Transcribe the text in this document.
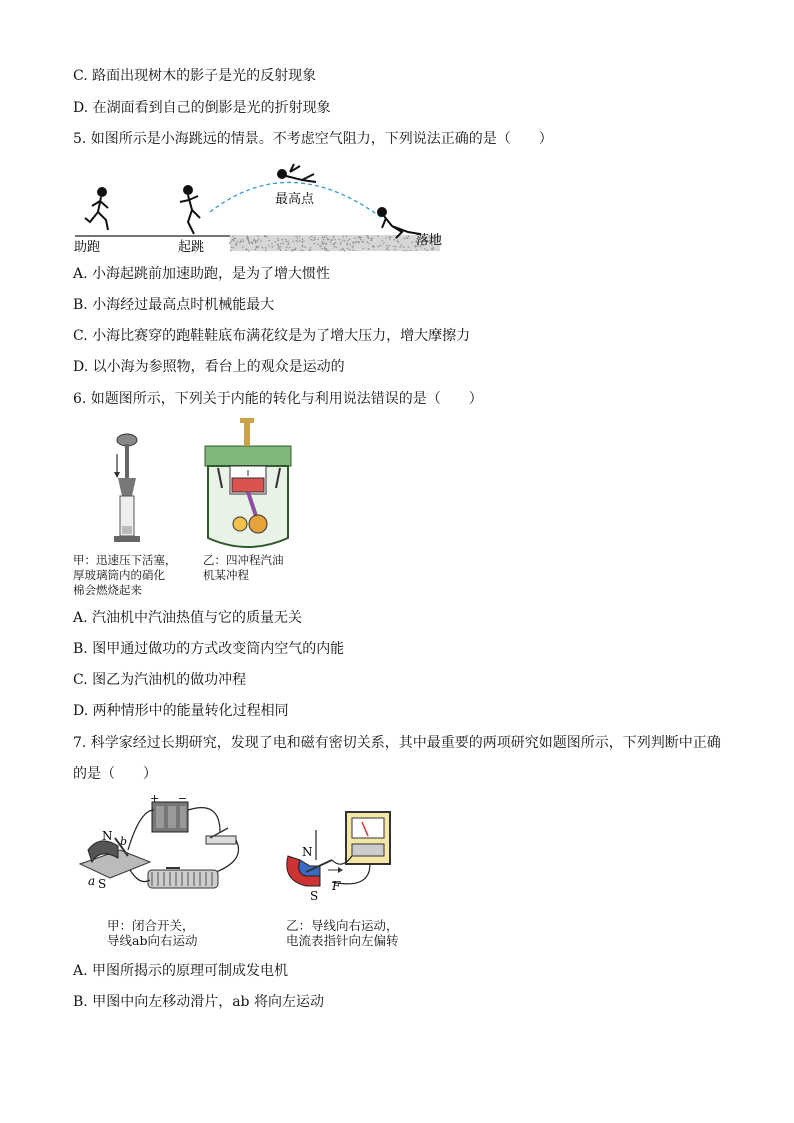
C. 路面出现树木的影子是光的反射现象
D. 在湖面看到自己的倒影是光的折射现象
5. 如图所示是小海跳远的情景。不考虑空气阻力，下列说法正确的是（　　）
助跑	起跳
最高点
落地
A. 小海起跳前加速助跑，是为了增大惯性
B. 小海经过最高点时机械能最大
C. 小海比赛穿的跑鞋鞋底布满花纹是为了增大压力，增大摩擦力
D. 以小海为参照物，看台上的观众是运动的
6. 如题图所示，下列关于内能的转化与利用说法错误的是（　　）
甲：迅速压下活塞，
厚玻璃筒内的硝化
棉会燃烧起来
乙：四冲程汽油
机某冲程
A. 汽油机中汽油热值与它的质量无关
B. 图甲通过做功的方式改变筒内空气的内能
C. 图乙为汽油机的做功冲程
D. 两种情形中的能量转化过程相同
7. 科学家经过长期研究，发现了电和磁有密切关系，其中最重要的两项研究如题图所示，下列判断中正确
的是（　　）
N
S
a
b
+ −
N
S
F
甲：闭合开关，
导线ab向右运动
乙：导线向右运动，
电流表指针向左偏转
A. 甲图所揭示的原理可制成发电机
B. 甲图中向左移动滑片，ab 将向左运动
